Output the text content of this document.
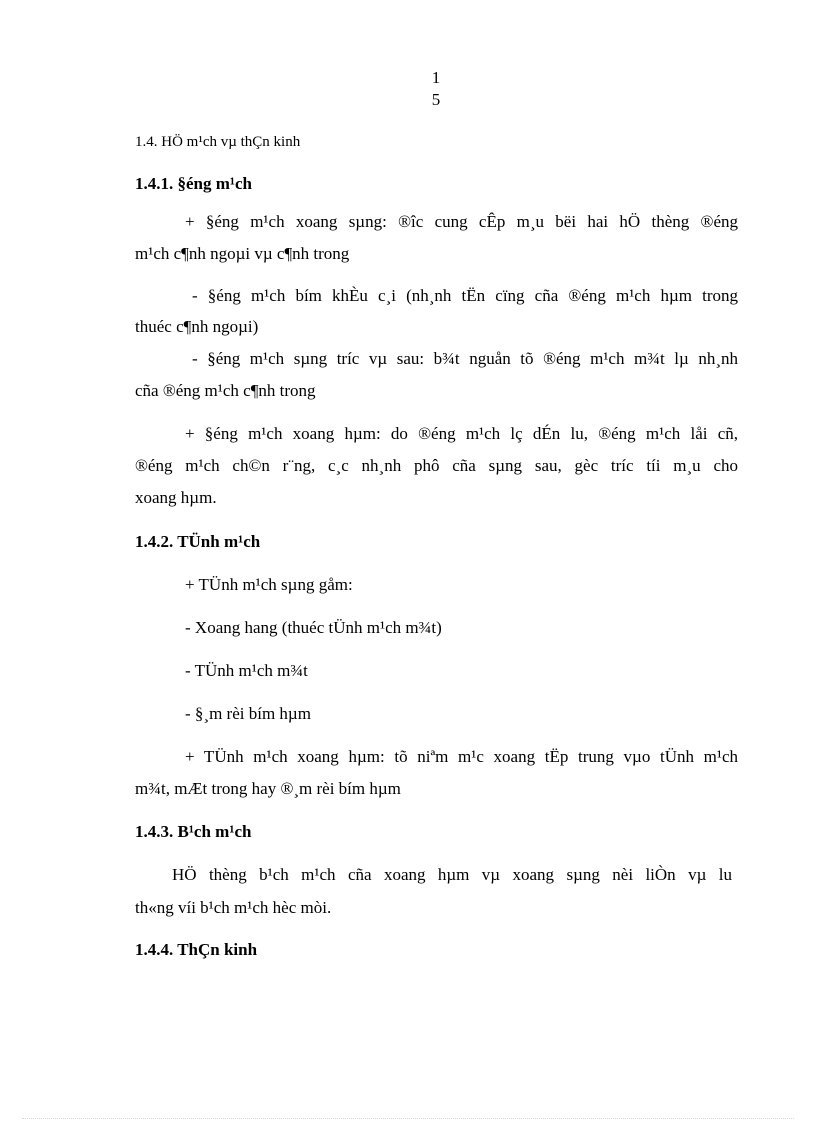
1
5
1.4. HÖ m¹ch vµ thÇn kinh
1.4.1. §éng m¹ch
+ §éng m¹ch xoang sµng: ®îc cung cÊp m¸u bëi hai hÖ thèng ®éng
m¹ch c¶nh ngoµi vµ c¶nh trong
- §éng m¹ch bím khÈu c¸i (nh¸nh tËn cïng cña ®éng m¹ch hµm trong
thuéc c¶nh ngoµi)
- §éng m¹ch sµng tríc vµ sau: b¾t nguån tõ ®éng m¹ch m¾t lµ nh¸nh
cña ®éng m¹ch c¶nh trong
+ §éng m¹ch xoang hµm: do ®éng m¹ch lç dÉn lu, ®éng m¹ch låi cñ,
®éng m¹ch ch©n r¨ng, c¸c nh¸nh phô cña sµng sau, gèc tríc tíi m¸u cho
xoang hµm.
1.4.2. TÜnh m¹ch
+ TÜnh m¹ch sµng gåm:
- Xoang hang (thuéc tÜnh m¹ch m¾t)
- TÜnh m¹ch m¾t
- §¸m rèi bím hµm
+ TÜnh m¹ch xoang hµm: tõ niªm m¹c xoang tËp trung vµo tÜnh m¹ch
m¾t, mÆt trong hay ®¸m rèi bím hµm
1.4.3. B¹ch m¹ch
HÖ thèng b¹ch m¹ch cña xoang hµm vµ xoang sµng nèi liÒn vµ lu
th«ng víi b¹ch m¹ch hèc mòi.
1.4.4. ThÇn kinh
